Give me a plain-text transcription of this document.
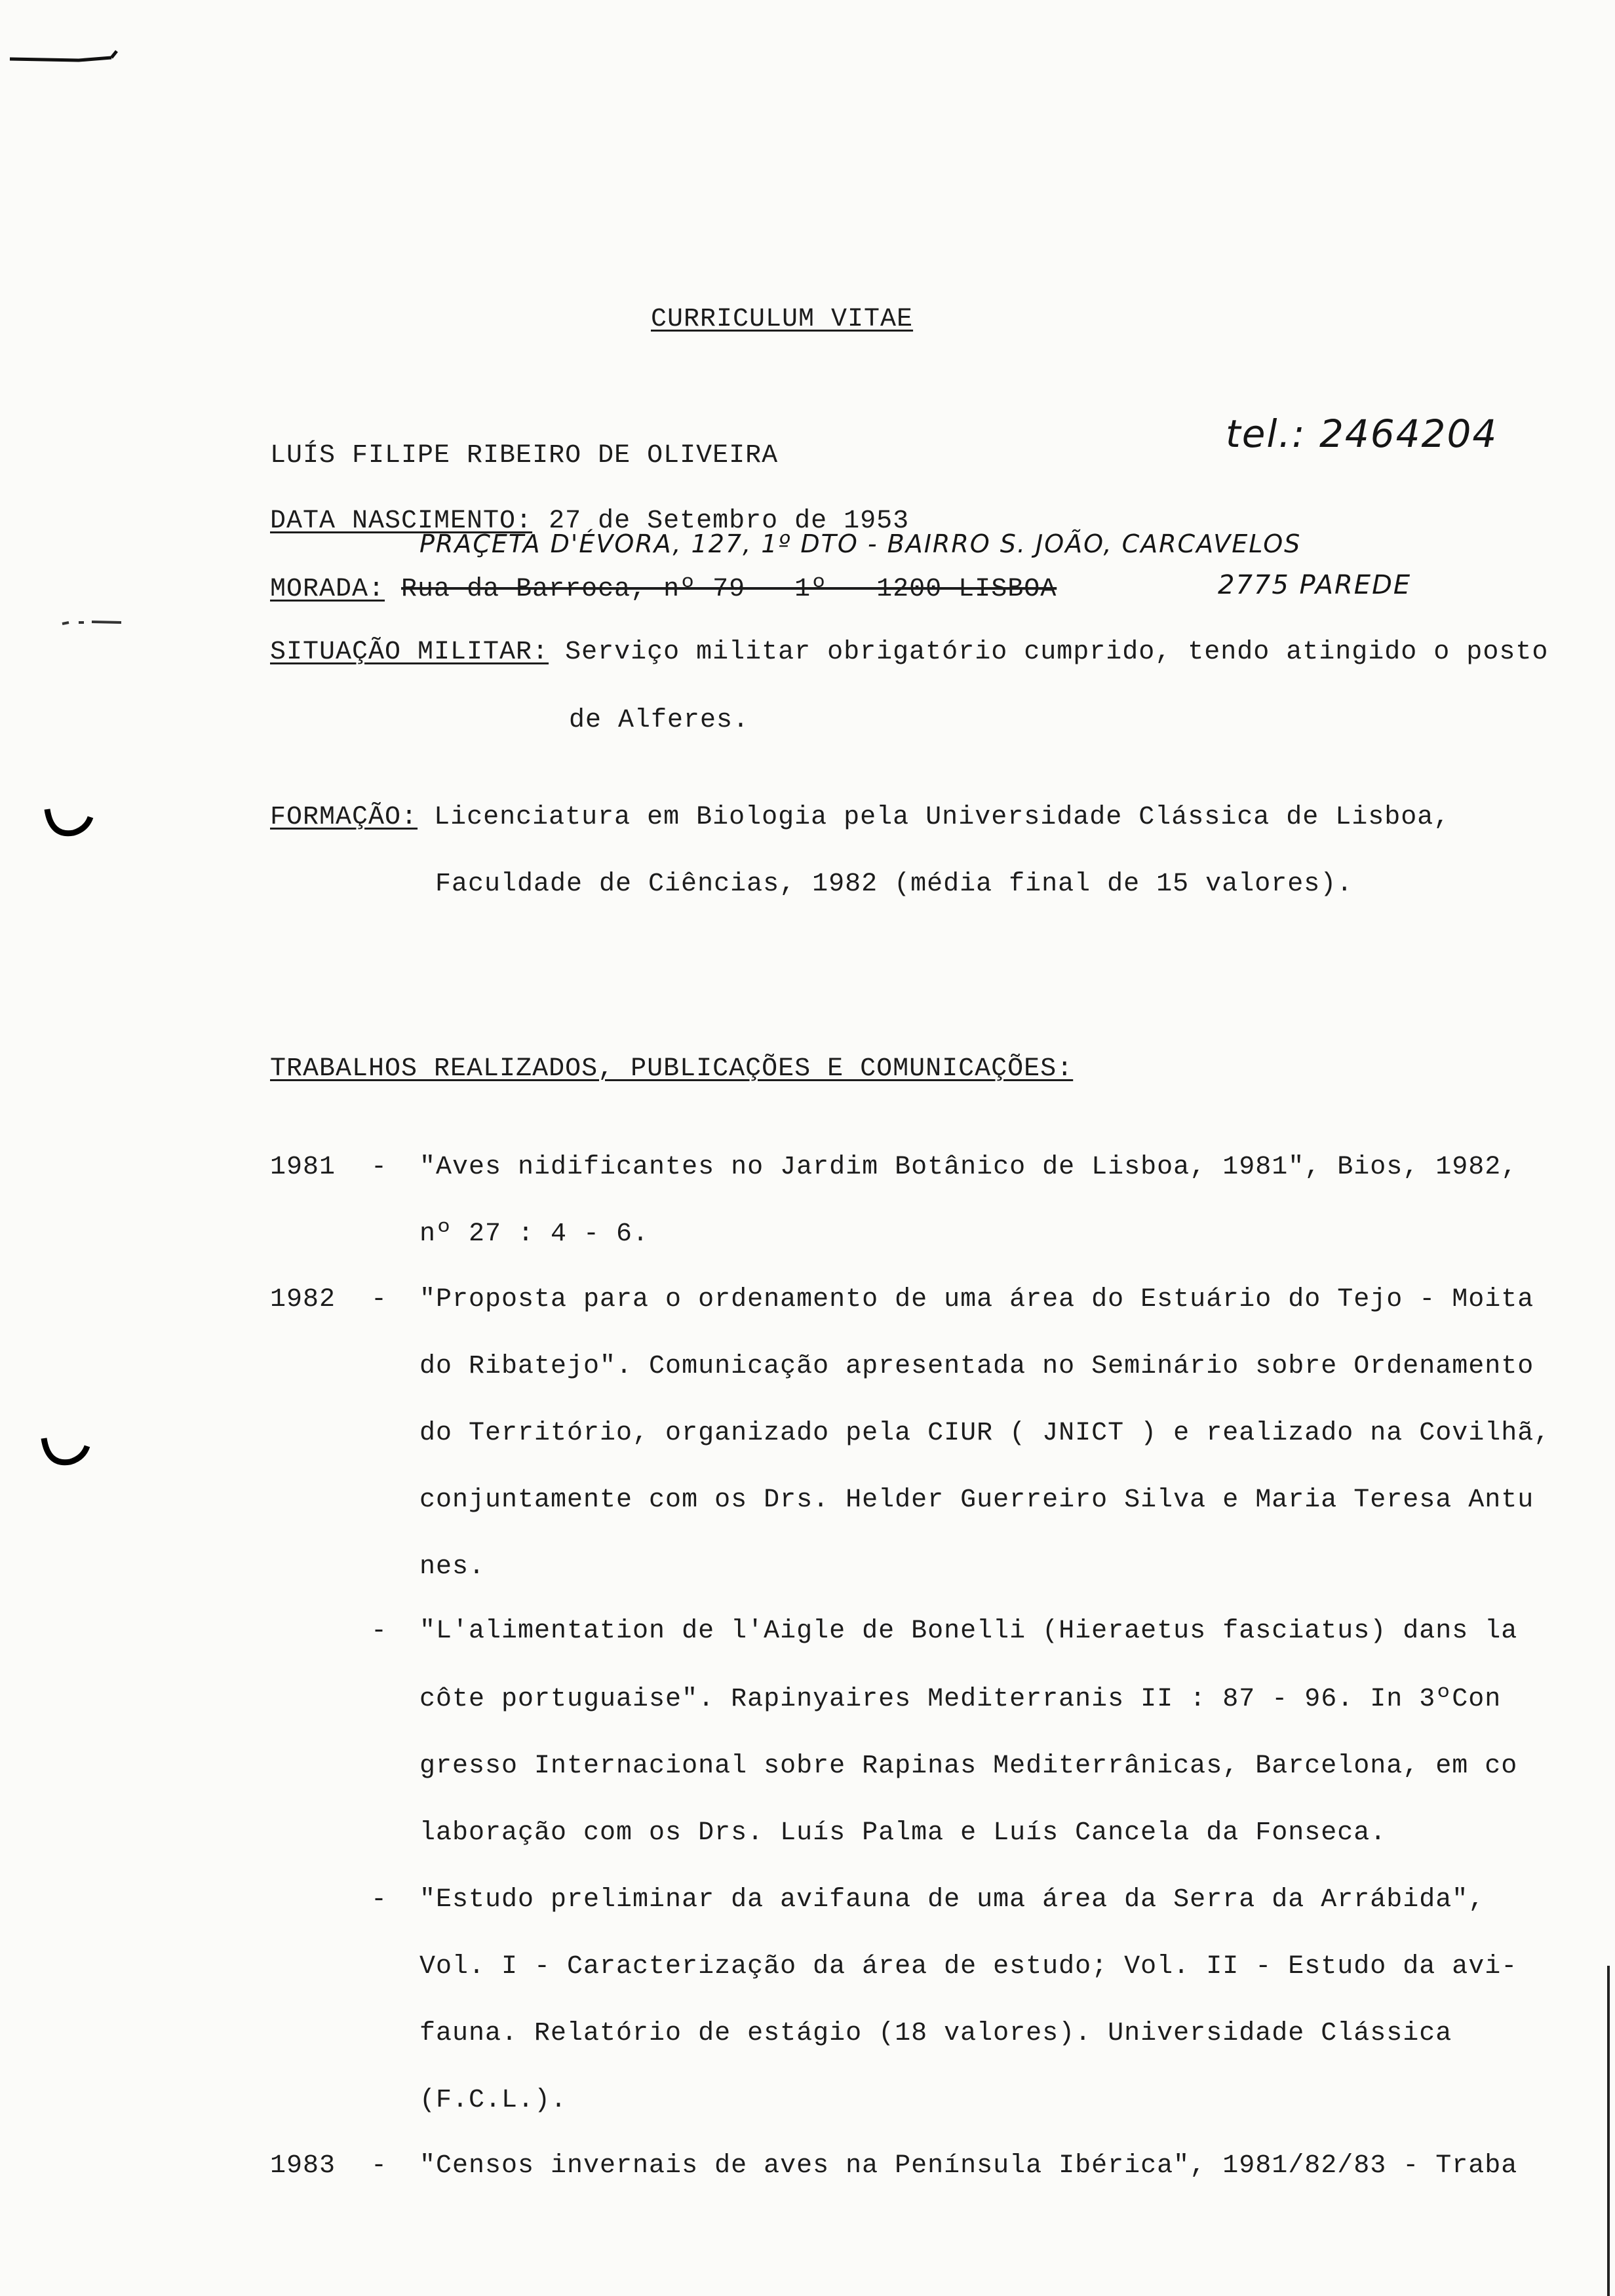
CURRICULUM VITAE
LUÍS FILIPE RIBEIRO DE OLIVEIRA	tel.: 2464204
DATA NASCIMENTO: 27 de Setembro de 1953
PRAÇETA D'ÉVORA, 127, 1º DTO - BAIRRO S. JOÃO, CARCAVELOS
MORADA: Rua da Barroca, nº 79 - 1º - 1200 LISBOA	2775 PAREDE
SITUAÇÃO MILITAR: Serviço militar obrigatório cumprido, tendo atingido o posto
de Alferes.
FORMAÇÃO: Licenciatura em Biologia pela Universidade Clássica de Lisboa,
Faculdade de Ciências, 1982 (média final de 15 valores).
TRABALHOS REALIZADOS, PUBLICAÇÕES E COMUNICAÇÕES:
1981 - "Aves nidificantes no Jardim Botânico de Lisboa, 1981", Bios, 1982,
nº 27 : 4 - 6.
1982 - "Proposta para o ordenamento de uma área do Estuário do Tejo - Moita
do Ribatejo". Comunicação apresentada no Seminário sobre Ordenamento
do Território, organizado pela CIUR ( JNICT ) e realizado na Covilhã,
conjuntamente com os Drs. Helder Guerreiro Silva e Maria Teresa Antu
nes.
- "L'alimentation de l'Aigle de Bonelli (Hieraetus fasciatus) dans la
côte portuguaise". Rapinyaires Mediterranis II : 87 - 96. In 3ºCon
gresso Internacional sobre Rapinas Mediterrânicas, Barcelona, em co
laboração com os Drs. Luís Palma e Luís Cancela da Fonseca.
- "Estudo preliminar da avifauna de uma área da Serra da Arrábida",
Vol. I - Caracterização da área de estudo; Vol. II - Estudo da avi-
fauna. Relatório de estágio (18 valores). Universidade Clássica
(F.C.L.).
1983 - "Censos invernais de aves na Península Ibérica", 1981/82/83 - Traba
